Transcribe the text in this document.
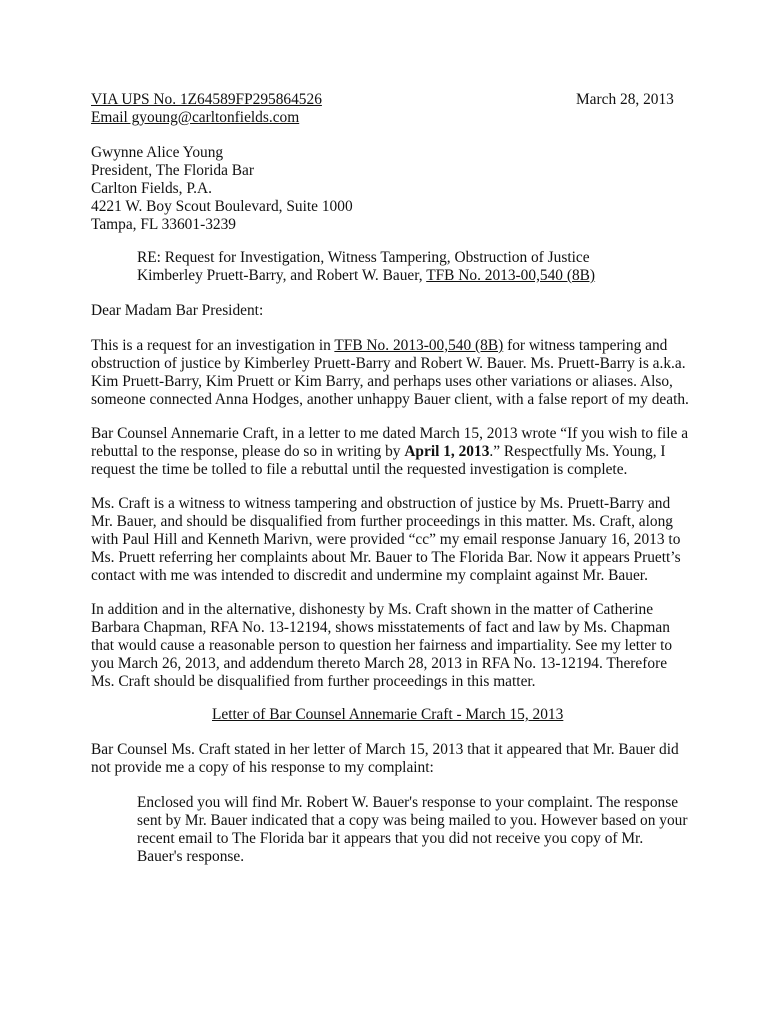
VIA UPS No. 1Z64589FP295864526	March 28, 2013
Email gyoung@carltonfields.com
Gwynne Alice Young
President, The Florida Bar
Carlton Fields, P.A.
4221 W. Boy Scout Boulevard, Suite 1000
Tampa, FL 33601-3239
RE: Request for Investigation, Witness Tampering, Obstruction of Justice
Kimberley Pruett-Barry, and Robert W. Bauer, TFB No. 2013-00,540 (8B)
Dear Madam Bar President:
This is a request for an investigation in TFB No. 2013-00,540 (8B) for witness tampering and
obstruction of justice by Kimberley Pruett-Barry and Robert W. Bauer. Ms. Pruett-Barry is a.k.a.
Kim Pruett-Barry, Kim Pruett or Kim Barry, and perhaps uses other variations or aliases. Also,
someone connected Anna Hodges, another unhappy Bauer client, with a false report of my death.
Bar Counsel Annemarie Craft, in a letter to me dated March 15, 2013 wrote “If you wish to file a
rebuttal to the response, please do so in writing by April 1, 2013.” Respectfully Ms. Young, I
request the time be tolled to file a rebuttal until the requested investigation is complete.
Ms. Craft is a witness to witness tampering and obstruction of justice by Ms. Pruett-Barry and
Mr. Bauer, and should be disqualified from further proceedings in this matter. Ms. Craft, along
with Paul Hill and Kenneth Marivn, were provided “cc” my email response January 16, 2013 to
Ms. Pruett referring her complaints about Mr. Bauer to The Florida Bar. Now it appears Pruett’s
contact with me was intended to discredit and undermine my complaint against Mr. Bauer.
In addition and in the alternative, dishonesty by Ms. Craft shown in the matter of Catherine
Barbara Chapman, RFA No. 13-12194, shows misstatements of fact and law by Ms. Chapman
that would cause a reasonable person to question her fairness and impartiality. See my letter to
you March 26, 2013, and addendum thereto March 28, 2013 in RFA No. 13-12194. Therefore
Ms. Craft should be disqualified from further proceedings in this matter.
Letter of Bar Counsel Annemarie Craft - March 15, 2013
Bar Counsel Ms. Craft stated in her letter of March 15, 2013 that it appeared that Mr. Bauer did
not provide me a copy of his response to my complaint:
Enclosed you will find Mr. Robert W. Bauer's response to your complaint. The response
sent by Mr. Bauer indicated that a copy was being mailed to you. However based on your
recent email to The Florida bar it appears that you did not receive you copy of Mr.
Bauer's response.
